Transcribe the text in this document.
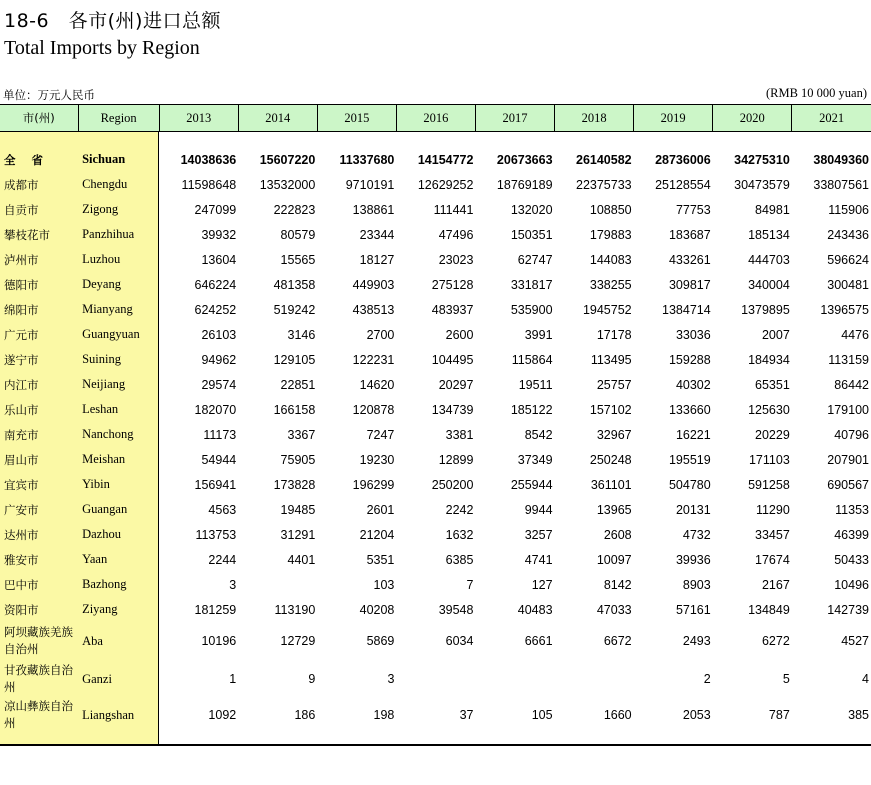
18-6　各市(州)进口总额
Total Imports by Region
单位：万元人民币	(RMB 10 000 yuan)
市(州)	Region	2013	2014	2015	2016	2017	2018	2019	2020	2021

全 省	Sichuan	14038636	15607220	11337680	14154772	20673663	26140582	28736006	34275310	38049360
成都市	Chengdu	11598648	13532000	9710191	12629252	18769189	22375733	25128554	30473579	33807561
自贡市	Zigong	247099	222823	138861	111441	132020	108850	77753	84981	115906
攀枝花市	Panzhihua	39932	80579	23344	47496	150351	179883	183687	185134	243436
泸州市	Luzhou	13604	15565	18127	23023	62747	144083	433261	444703	596624
德阳市	Deyang	646224	481358	449903	275128	331817	338255	309817	340004	300481
绵阳市	Mianyang	624252	519242	438513	483937	535900	1945752	1384714	1379895	1396575
广元市	Guangyuan	26103	3146	2700	2600	3991	17178	33036	2007	4476
遂宁市	Suining	94962	129105	122231	104495	115864	113495	159288	184934	113159
内江市	Neijiang	29574	22851	14620	20297	19511	25757	40302	65351	86442
乐山市	Leshan	182070	166158	120878	134739	185122	157102	133660	125630	179100
南充市	Nanchong	11173	3367	7247	3381	8542	32967	16221	20229	40796
眉山市	Meishan	54944	75905	19230	12899	37349	250248	195519	171103	207901
宜宾市	Yibin	156941	173828	196299	250200	255944	361101	504780	591258	690567
广安市	Guangan	4563	19485	2601	2242	9944	13965	20131	11290	11353
达州市	Dazhou	113753	31291	21204	1632	3257	2608	4732	33457	46399
雅安市	Yaan	2244	4401	5351	6385	4741	10097	39936	17674	50433
巴中市	Bazhong	3		103	7	127	8142	8903	2167	10496
资阳市	Ziyang	181259	113190	40208	39548	40483	47033	57161	134849	142739
阿坝藏族羌族自治州	Aba	10196	12729	5869	6034	6661	6672	2493	6272	4527
甘孜藏族自治州	Ganzi	1	9	3				2	5	4
凉山彝族自治州	Liangshan	1092	186	198	37	105	1660	2053	787	385
